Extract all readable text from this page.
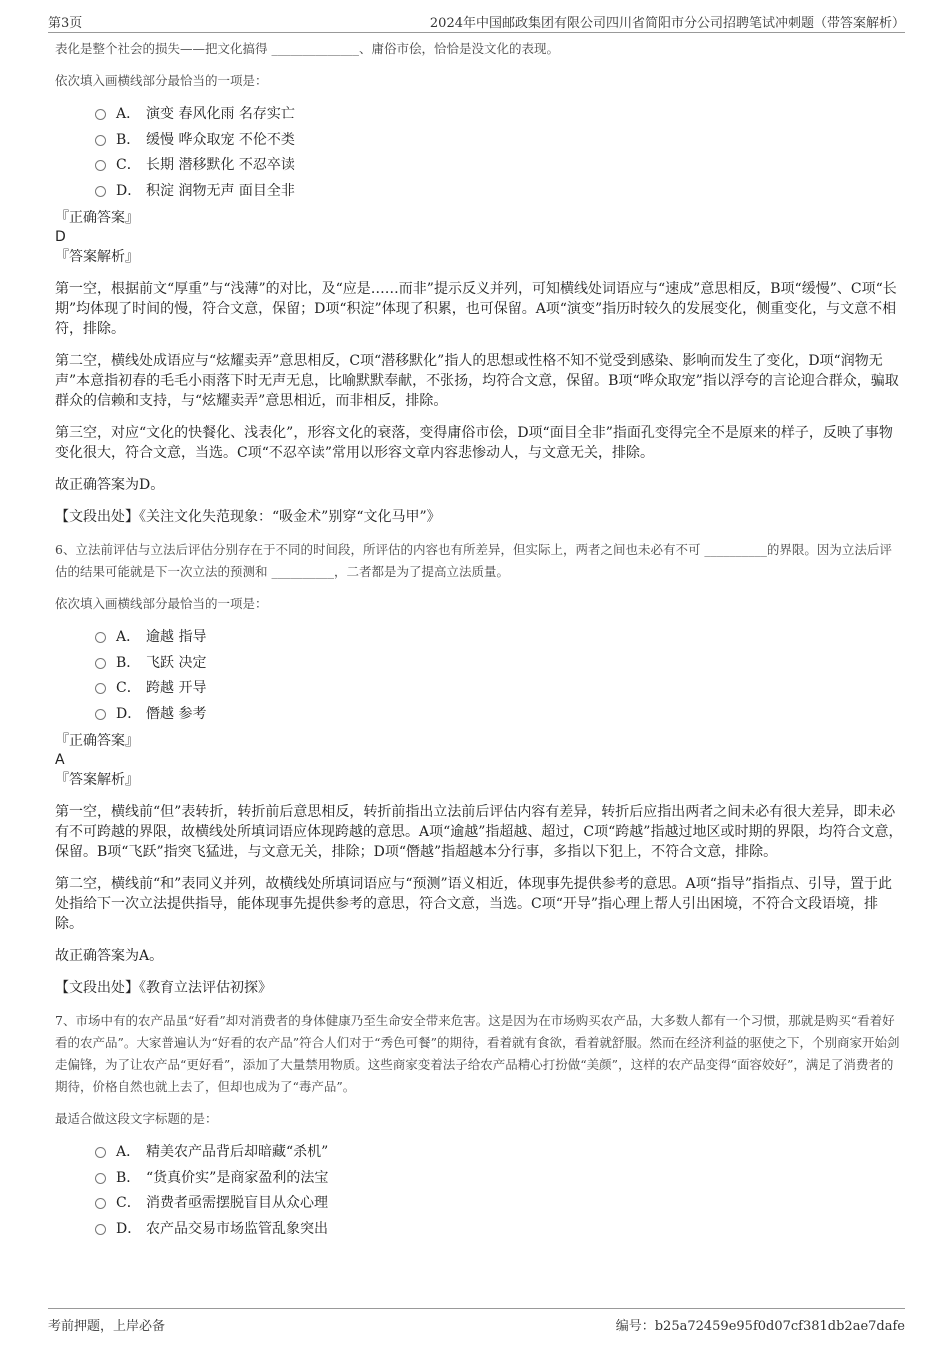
第3页	2024年中国邮政集团有限公司四川省简阳市分公司招聘笔试冲刺题（带答案解析）

表化是整个社会的损失——把文化搞得 ______________、庸俗市侩，恰恰是没文化的表现。

依次填入画横线部分最恰当的一项是：

A． 演变 春风化雨 名存实亡
B． 缓慢 哗众取宠 不伦不类
C． 长期 潜移默化 不忍卒读
D． 积淀 润物无声 面目全非

『正确答案』

D

『答案解析』

第一空，根据前文“厚重”与“浅薄”的对比，及“应是……而非”提示反义并列，可知横线处词语应与“速成”意思相反，B项“缓慢”、C项“长期”均体现了时间的慢，符合文意，保留；D项“积淀”体现了积累，也可保留。A项“演变”指历时较久的发展变化，侧重变化，与文意不相符，排除。

第二空，横线处成语应与“炫耀卖弄”意思相反，C项“潜移默化”指人的思想或性格不知不觉受到感染、影响而发生了变化，D项“润物无声”本意指初春的毛毛小雨落下时无声无息，比喻默默奉献，不张扬，均符合文意，保留。B项“哗众取宠”指以浮夸的言论迎合群众，骗取群众的信赖和支持，与“炫耀卖弄”意思相近，而非相反，排除。

第三空，对应“文化的快餐化、浅表化”，形容文化的衰落，变得庸俗市侩，D项“面目全非”指面孔变得完全不是原来的样子，反映了事物变化很大，符合文意，当选。C项“不忍卒读”常用以形容文章内容悲惨动人，与文意无关，排除。

故正确答案为D。

【文段出处】《关注文化失范现象：“吸金术”别穿“文化马甲”》

6、立法前评估与立法后评估分别存在于不同的时间段，所评估的内容也有所差异，但实际上，两者之间也未必有不可 __________的界限。因为立法后评估的结果可能就是下一次立法的预测和 __________，二者都是为了提高立法质量。

依次填入画横线部分最恰当的一项是：

A． 逾越 指导
B． 飞跃 决定
C． 跨越 开导
D． 僭越 参考

『正确答案』

A

『答案解析』

第一空，横线前“但”表转折，转折前后意思相反，转折前指出立法前后评估内容有差异，转折后应指出两者之间未必有很大差异，即未必有不可跨越的界限，故横线处所填词语应体现跨越的意思。A项“逾越”指超越、超过，C项“跨越”指越过地区或时期的界限，均符合文意，保留。B项“飞跃”指突飞猛进，与文意无关，排除；D项“僭越”指超越本分行事，多指以下犯上，不符合文意，排除。

第二空，横线前“和”表同义并列，故横线处所填词语应与“预测”语义相近，体现事先提供参考的意思。A项“指导”指指点、引导，置于此处指给下一次立法提供指导，能体现事先提供参考的意思，符合文意，当选。C项“开导”指心理上帮人引出困境，不符合文段语境，排除。

故正确答案为A。

【文段出处】《教育立法评估初探》

7、市场中有的农产品虽“好看”却对消费者的身体健康乃至生命安全带来危害。这是因为在市场购买农产品，大多数人都有一个习惯，那就是购买“看着好看的农产品”。大家普遍认为“好看的农产品”符合人们对于“秀色可餐”的期待，看着就有食欲，看着就舒服。然而在经济利益的驱使之下，个别商家开始剑走偏锋，为了让农产品“更好看”，添加了大量禁用物质。这些商家变着法子给农产品精心打扮做“美颜”，这样的农产品变得“面容姣好”，满足了消费者的期待，价格自然也就上去了，但却也成为了“毒产品”。

最适合做这段文字标题的是：

A． 精美农产品背后却暗藏“杀机”
B． “货真价实”是商家盈利的法宝
C． 消费者亟需摆脱盲目从众心理
D． 农产品交易市场监管乱象突出
考前押题，上岸必备	编号：b25a72459e95f0d07cf381db2ae7dafe
